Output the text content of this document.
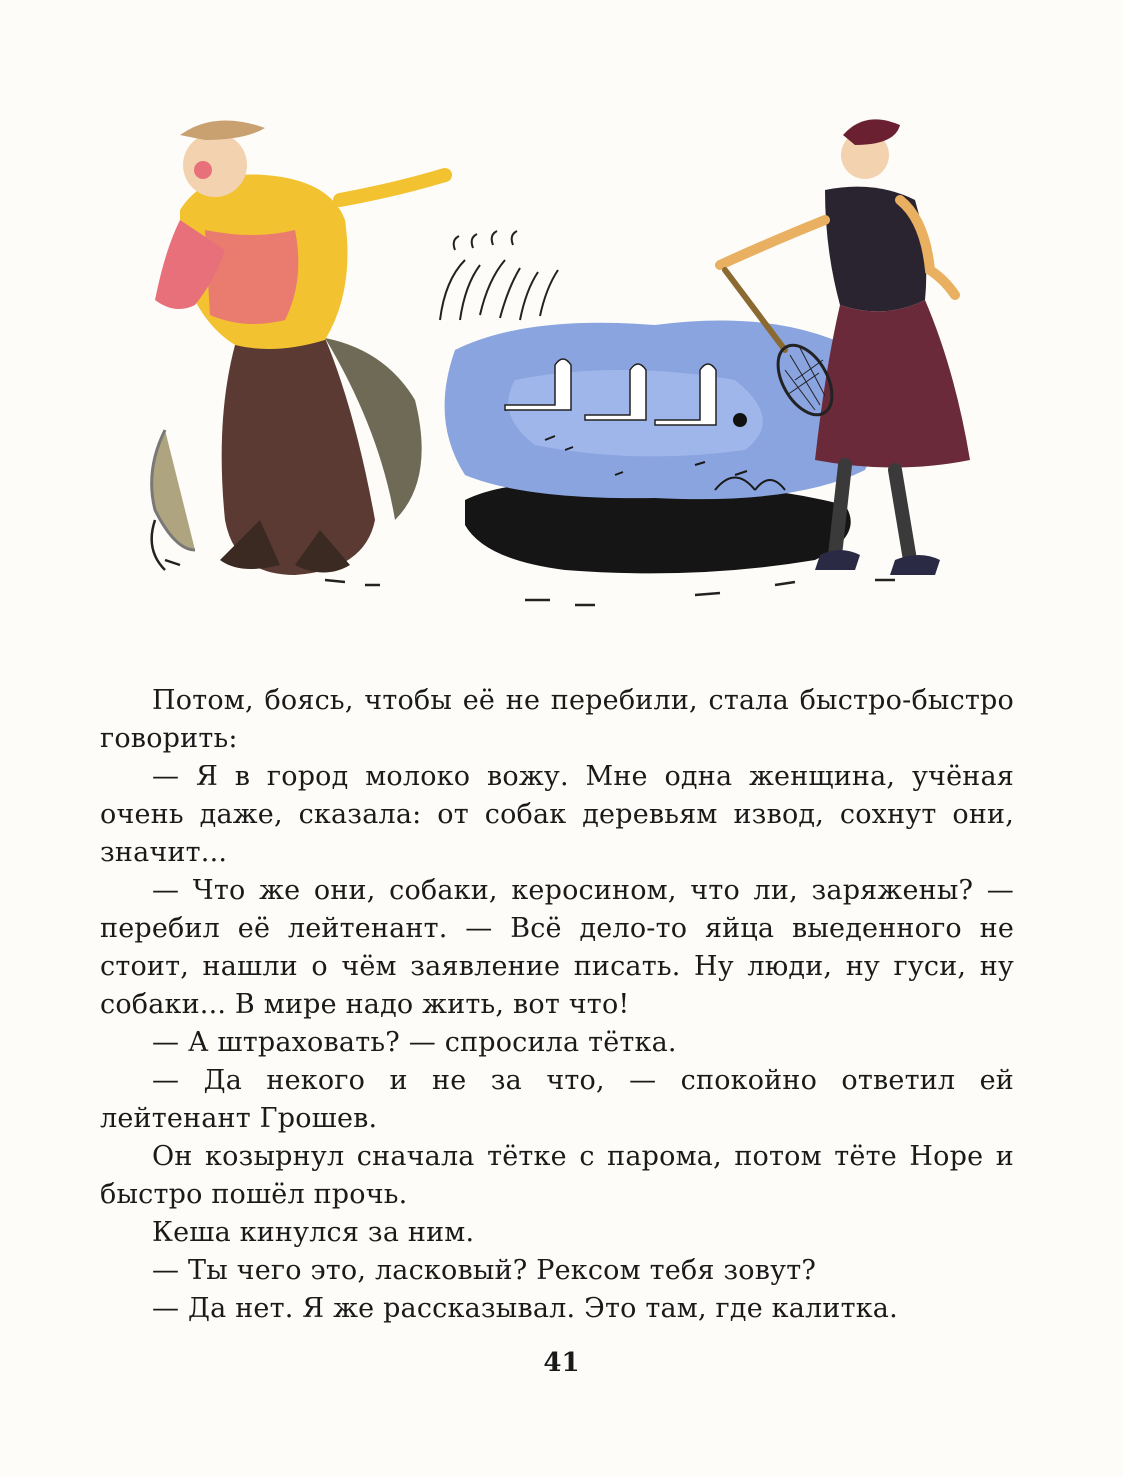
Потом, боясь, чтобы её не перебили, стала быстро-быстро говорить:

— Я в город молоко вожу. Мне одна женщина, учёная очень даже, сказала: от собак деревьям извод, сохнут они, значит...

— Что же они, собаки, керосином, что ли, заряжены? — перебил её лейтенант. — Всё дело-то яйца выеденного не стоит, нашли о чём заявление писать. Ну люди, ну гуси, ну собаки... В мире надо жить, вот что!

— А штраховать? — спросила тётка.

— Да некого и не за что, — спокойно ответил ей лейтенант Грошев.

Он козырнул сначала тётке с парома, потом тёте Норе и быстро пошёл прочь.

Кеша кинулся за ним.

— Ты чего это, ласковый? Рексом тебя зовут?

— Да нет. Я же рассказывал. Это там, где калитка.

41
